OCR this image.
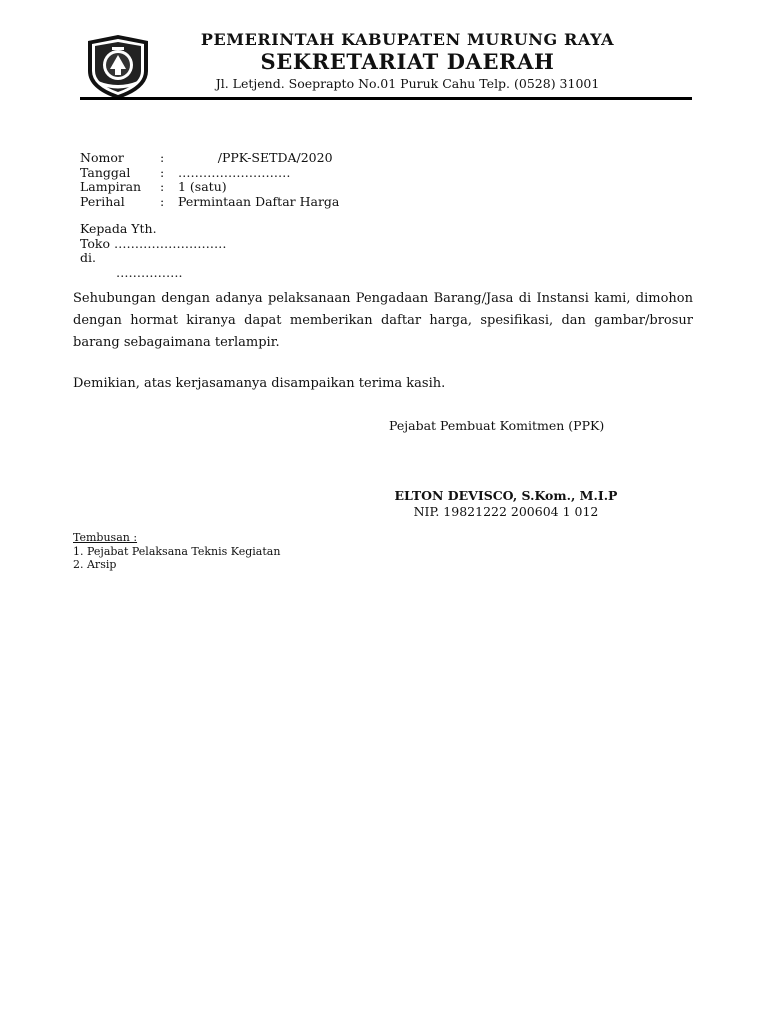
PEMERINTAH KABUPATEN MURUNG RAYA
SEKRETARIAT DAERAH
Jl. Letjend. Soeprapto No.01 Puruk Cahu Telp. (0528) 31001
Nomor	:	/PPK-SETDA/2020
Tanggal	:	………………………
Lampiran	:	1 (satu)
Perihal	:	Permintaan Daftar Harga
Kepada Yth.
Toko ………………………
di.
…………….
Sehubungan dengan adanya pelaksanaan Pengadaan Barang/Jasa di Instansi kami, dimohon dengan hormat kiranya dapat memberikan daftar harga, spesifikasi, dan gambar/brosur barang sebagaimana terlampir.
Demikian, atas kerjasamanya disampaikan terima kasih.
Pejabat Pembuat Komitmen (PPK)
ELTON DEVISCO, S.Kom., M.I.P
NIP. 19821222 200604 1 012
Tembusan :
1. Pejabat Pelaksana Teknis Kegiatan
2. Arsip
